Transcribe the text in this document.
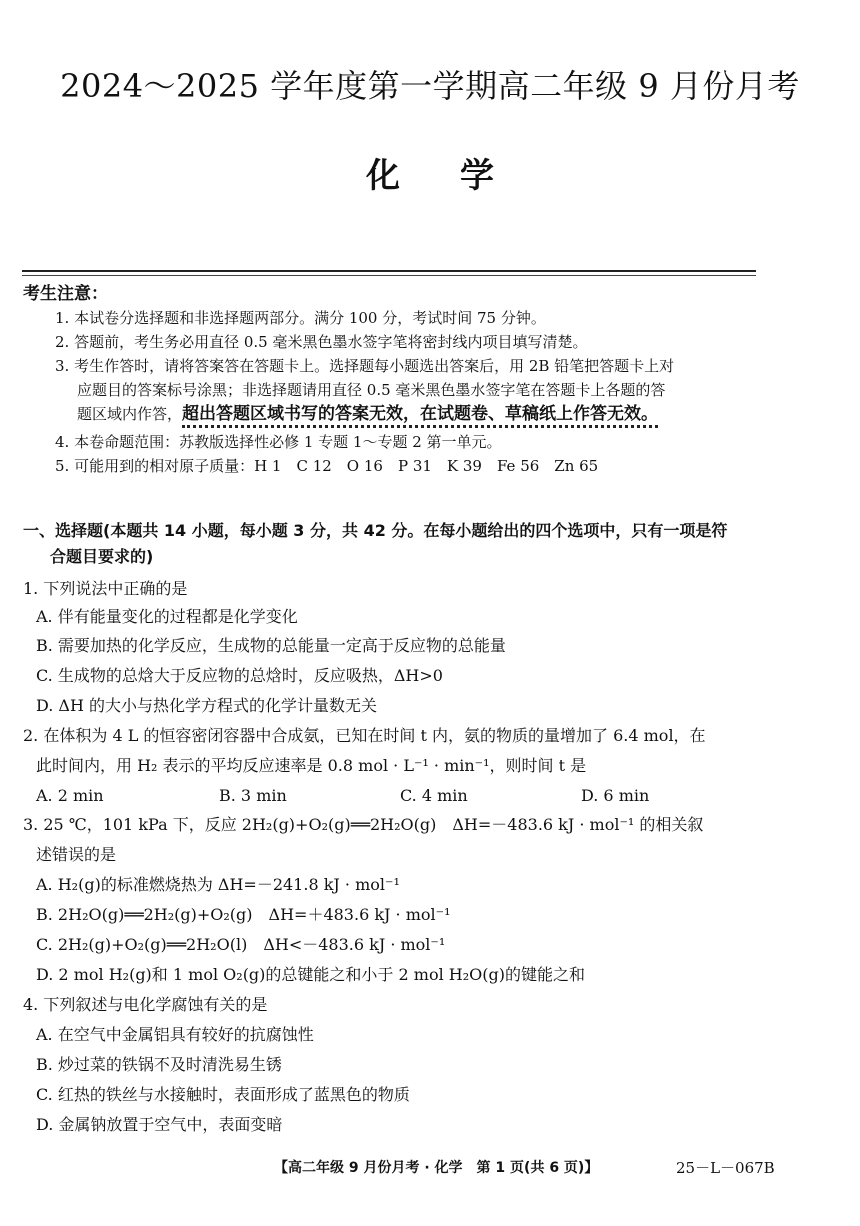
2024～2025 学年度第一学期高二年级 9 月份月考
化学
考生注意：
1. 本试卷分选择题和非选择题两部分。满分 100 分，考试时间 75 分钟。
2. 答题前，考生务必用直径 0.5 毫米黑色墨水签字笔将密封线内项目填写清楚。
3. 考生作答时，请将答案答在答题卡上。选择题每小题选出答案后，用 2B 铅笔把答题卡上对
应题目的答案标号涂黑；非选择题请用直径 0.5 毫米黑色墨水签字笔在答题卡上各题的答
题区域内作答，超出答题区域书写的答案无效，在试题卷、草稿纸上作答无效。
4. 本卷命题范围：苏教版选择性必修 1 专题 1～专题 2 第一单元。
5. 可能用到的相对原子质量：H 1　C 12　O 16　P 31　K 39　Fe 56　Zn 65
一、选择题(本题共 14 小题，每小题 3 分，共 42 分。在每小题给出的四个选项中，只有一项是符
合题目要求的)
1. 下列说法中正确的是
A. 伴有能量变化的过程都是化学变化
B. 需要加热的化学反应，生成物的总能量一定高于反应物的总能量
C. 生成物的总焓大于反应物的总焓时，反应吸热，ΔH>0
D. ΔH 的大小与热化学方程式的化学计量数无关
2. 在体积为 4 L 的恒容密闭容器中合成氨，已知在时间 t 内，氨的物质的量增加了 6.4 mol，在
此时间内，用 H₂ 表示的平均反应速率是 0.8 mol · L⁻¹ · min⁻¹，则时间 t 是
A. 2 min	B. 3 min	C. 4 min	D. 6 min
3. 25 ℃，101 kPa 下，反应 2H₂(g)+O₂(g)══2H₂O(g)　ΔH=－483.6 kJ · mol⁻¹ 的相关叙
述错误的是
A. H₂(g)的标准燃烧热为 ΔH=－241.8 kJ · mol⁻¹
B. 2H₂O(g)══2H₂(g)+O₂(g)　ΔH=＋483.6 kJ · mol⁻¹
C. 2H₂(g)+O₂(g)══2H₂O(l)　ΔH<－483.6 kJ · mol⁻¹
D. 2 mol H₂(g)和 1 mol O₂(g)的总键能之和小于 2 mol H₂O(g)的键能之和
4. 下列叙述与电化学腐蚀有关的是
A. 在空气中金属铝具有较好的抗腐蚀性
B. 炒过菜的铁锅不及时清洗易生锈
C. 红热的铁丝与水接触时，表面形成了蓝黑色的物质
D. 金属钠放置于空气中，表面变暗
【高二年级 9 月份月考 · 化学　第 1 页(共 6 页)】	25－L－067B
